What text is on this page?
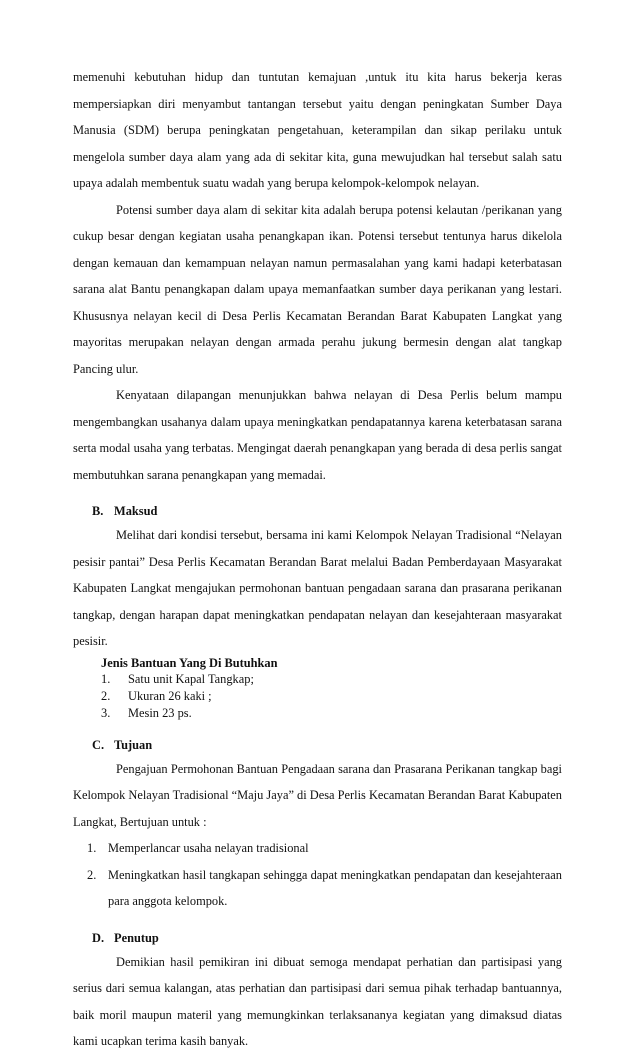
memenuhi kebutuhan hidup dan tuntutan kemajuan ,untuk itu kita harus bekerja keras mempersiapkan diri menyambut tantangan tersebut yaitu dengan peningkatan Sumber Daya Manusia (SDM) berupa peningkatan pengetahuan, keterampilan dan sikap perilaku untuk mengelola sumber daya alam yang ada di sekitar kita, guna mewujudkan hal tersebut salah satu upaya adalah membentuk suatu wadah yang berupa kelompok-kelompok nelayan.

Potensi sumber daya alam di sekitar kita adalah berupa potensi kelautan /perikanan yang cukup besar dengan kegiatan usaha penangkapan ikan. Potensi tersebut tentunya harus dikelola dengan kemauan dan kemampuan nelayan namun permasalahan yang kami hadapi keterbatasan sarana alat Bantu penangkapan dalam upaya memanfaatkan sumber daya perikanan yang lestari. Khususnya nelayan kecil di Desa Perlis Kecamatan Berandan Barat Kabupaten Langkat yang mayoritas merupakan nelayan dengan armada perahu jukung bermesin dengan alat tangkap Pancing ulur.

Kenyataan dilapangan menunjukkan bahwa nelayan di Desa Perlis belum mampu mengembangkan usahanya dalam upaya meningkatkan pendapatannya karena keterbatasan sarana serta modal usaha yang terbatas. Mengingat daerah penangkapan yang berada di desa perlis sangat membutuhkan sarana penangkapan yang memadai.

B. Maksud

Melihat dari kondisi tersebut, bersama ini kami Kelompok Nelayan Tradisional “Nelayan pesisir pantai” Desa Perlis Kecamatan Berandan Barat melalui Badan Pemberdayaan Masyarakat Kabupaten Langkat mengajukan permohonan bantuan pengadaan sarana dan prasarana perikanan tangkap, dengan harapan dapat meningkatkan pendapatan nelayan dan kesejahteraan masyarakat pesisir.

Jenis Bantuan Yang Di Butuhkan
1.	Satu unit Kapal Tangkap;
2.	Ukuran 26 kaki ;
3.	Mesin 23 ps.
C. Tujuan

Pengajuan Permohonan Bantuan Pengadaan sarana dan Prasarana Perikanan tangkap bagi Kelompok Nelayan Tradisional “Maju Jaya” di Desa Perlis Kecamatan Berandan Barat Kabupaten Langkat, Bertujuan untuk :

1. Memperlancar usaha nelayan tradisional
2. Meningkatkan hasil tangkapan sehingga dapat meningkatkan pendapatan dan kesejahteraan para anggota kelompok.
D. Penutup

Demikian hasil pemikiran ini dibuat semoga mendapat perhatian dan partisipasi yang serius dari semua kalangan, atas perhatian dan partisipasi dari semua pihak terhadap bantuannya, baik moril maupun materil yang memungkinkan terlaksananya kegiatan yang dimaksud diatas kami ucapkan terima kasih banyak.
